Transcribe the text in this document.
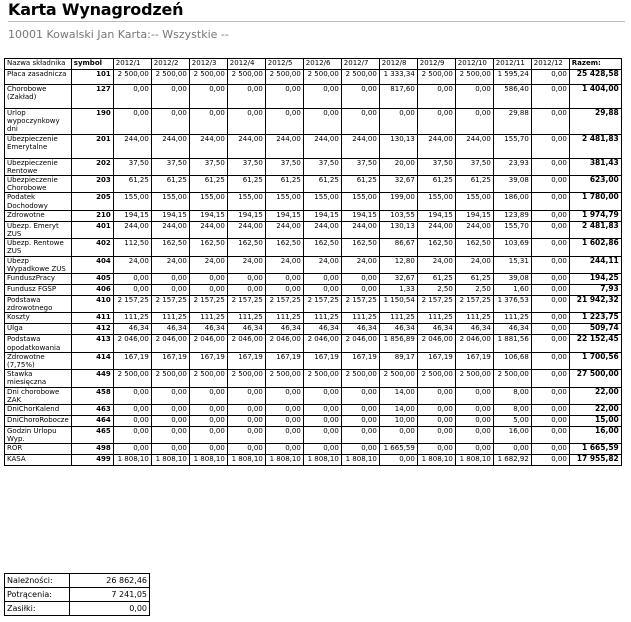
Karta Wynagrodzeń
10001 Kowalski Jan Karta:-- Wszystkie --
Nazwa składnika	symbol	2012/1	2012/2	2012/3	2012/4	2012/5	2012/6	2012/7	2012/8	2012/9	2012/10	2012/11	2012/12	Razem:
Płaca zasadnicza	101	2 500,00	2 500,00	2 500,00	2 500,00	2 500,00	2 500,00	2 500,00	1 333,34	2 500,00	2 500,00	1 595,24	0,00	25 428,58
Chorobowe (Zakład)	127	0,00	0,00	0,00	0,00	0,00	0,00	0,00	817,60	0,00	0,00	586,40	0,00	1 404,00
Urlop wypoczynkowy dni	190	0,00	0,00	0,00	0,00	0,00	0,00	0,00	0,00	0,00	0,00	29,88	0,00	29,88
Ubezpieczenie Emerytalne	201	244,00	244,00	244,00	244,00	244,00	244,00	244,00	130,13	244,00	244,00	155,70	0,00	2 481,83
Ubezpieczenie Rentowe	202	37,50	37,50	37,50	37,50	37,50	37,50	37,50	20,00	37,50	37,50	23,93	0,00	381,43
Ubezpieczenie Chorobowe	203	61,25	61,25	61,25	61,25	61,25	61,25	61,25	32,67	61,25	61,25	39,08	0,00	623,00
Podatek Dochodowy	205	155,00	155,00	155,00	155,00	155,00	155,00	155,00	199,00	155,00	155,00	186,00	0,00	1 780,00
Zdrowotne	210	194,15	194,15	194,15	194,15	194,15	194,15	194,15	103,55	194,15	194,15	123,89	0,00	1 974,79
Ubezp. Emeryt ZUS	401	244,00	244,00	244,00	244,00	244,00	244,00	244,00	130,13	244,00	244,00	155,70	0,00	2 481,83
Ubezp. Rentowe ZUS	402	112,50	162,50	162,50	162,50	162,50	162,50	162,50	86,67	162,50	162,50	103,69	0,00	1 602,86
Ubezp Wypadkowe ZUS	404	24,00	24,00	24,00	24,00	24,00	24,00	24,00	12,80	24,00	24,00	15,31	0,00	244,11
FunduszPracy	405	0,00	0,00	0,00	0,00	0,00	0,00	0,00	32,67	61,25	61,25	39,08	0,00	194,25
Fundusz FGŚP	406	0,00	0,00	0,00	0,00	0,00	0,00	0,00	1,33	2,50	2,50	1,60	0,00	7,93
Podstawa zdrowotnego	410	2 157,25	2 157,25	2 157,25	2 157,25	2 157,25	2 157,25	2 157,25	1 150,54	2 157,25	2 157,25	1 376,53	0,00	21 942,32
Koszty	411	111,25	111,25	111,25	111,25	111,25	111,25	111,25	111,25	111,25	111,25	111,25	0,00	1 223,75
Ulga	412	46,34	46,34	46,34	46,34	46,34	46,34	46,34	46,34	46,34	46,34	46,34	0,00	509,74
Podstawa opodatkowania	413	2 046,00	2 046,00	2 046,00	2 046,00	2 046,00	2 046,00	2 046,00	1 856,89	2 046,00	2 046,00	1 881,56	0,00	22 152,45
Zdrowotne (7,75%)	414	167,19	167,19	167,19	167,19	167,19	167,19	167,19	89,17	167,19	167,19	106,68	0,00	1 700,56
Stawka miesięczna	449	2 500,00	2 500,00	2 500,00	2 500,00	2 500,00	2 500,00	2 500,00	2 500,00	2 500,00	2 500,00	2 500,00	0,00	27 500,00
Dni chorobowe ZAK	458	0,00	0,00	0,00	0,00	0,00	0,00	0,00	14,00	0,00	0,00	8,00	0,00	22,00
DniChorKalend	463	0,00	0,00	0,00	0,00	0,00	0,00	0,00	14,00	0,00	0,00	8,00	0,00	22,00
DniChoroRobocze	464	0,00	0,00	0,00	0,00	0,00	0,00	0,00	10,00	0,00	0,00	5,00	0,00	15,00
Godzin Urlopu Wyp.	465	0,00	0,00	0,00	0,00	0,00	0,00	0,00	0,00	0,00	0,00	16,00	0,00	16,00
ROR	498	0,00	0,00	0,00	0,00	0,00	0,00	0,00	1 665,59	0,00	0,00	0,00	0,00	1 665,59
KASA	499	1 808,10	1 808,10	1 808,10	1 808,10	1 808,10	1 808,10	1 808,10	0,00	1 808,10	1 808,10	1 682,92	0,00	17 955,82
Należności:	26 862,46
Potrącenia:	7 241,05
Zasiłki:	0,00
